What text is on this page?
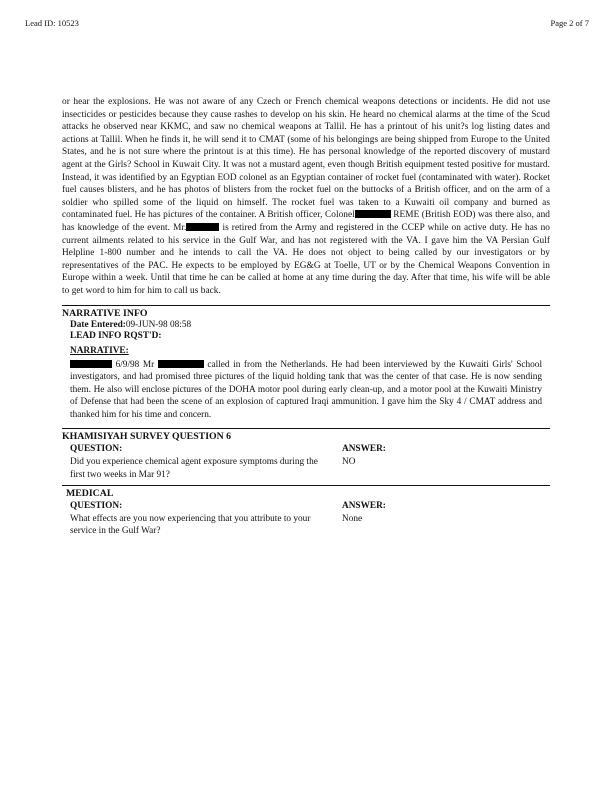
Lead ID: 10523	Page 2 of 7

or hear the explosions. He was not aware of any Czech or French chemical weapons detections or incidents. He did not use insecticides or pesticides because they cause rashes to develop on his skin. He heard no chemical alarms at the time of the Scud attacks he observed near KKMC, and saw no chemical weapons at Tallil. He has a printout of his unit?s log listing dates and actions at Tallil. When he finds it, he will send it to CMAT (some of his belongings are being shipped from Europe to the United States, and he is not sure where the printout is at this time). He has personal knowledge of the reported discovery of mustard agent at the Girls? School in Kuwait City. It was not a mustard agent, even though British equipment tested positive for mustard. Instead, it was identified by an Egyptian EOD colonel as an Egyptian container of rocket fuel (contaminated with water). Rocket fuel causes blisters, and he has photos of blisters from the rocket fuel on the buttocks of a British officer, and on the arm of a soldier who spilled some of the liquid on himself. The rocket fuel was taken to a Kuwaiti oil company and burned as contaminated fuel. He has pictures of the container. A British officer, Colonel	REME (British EOD) was there also, and has knowledge of the event. Mr.	is retired from the Army and registered in the CCEP while on active duty. He has no current ailments related to his service in the Gulf War, and has not registered with the VA. I gave him the VA Persian Gulf Helpline 1-800 number and he intends to call the VA. He does not object to being called by our investigators or by representatives of the PAC. He expects to be employed by EG&G at Toelle, UT or by the Chemical Weapons Convention in Europe within a week. Until that time he can be called at home at any time during the day. After that time, his wife will be able to get word to him for him to call us back.

NARRATIVE INFO
Date Entered:09-JUN-98 08:58
LEAD INFO RQST'D:
NARRATIVE:

6/9/98 Mr	called in from the Netherlands. He had been interviewed by the Kuwaiti Girls' School investigators, and had promised three pictures of the liquid holding tank that was the center of that case. He is now sending them. He also will enclose pictures of the DOHA motor pool during early clean-up, and a motor pool at the Kuwaiti Ministry of Defense that had been the scene of an explosion of captured Iraqi ammunition. I gave him the Sky 4 / CMAT address and thanked him for his time and concern.

KHAMISIYAH SURVEY QUESTION 6
QUESTION:	ANSWER:
Did you experience chemical agent exposure symptoms during the first two weeks in Mar 91?
NO
MEDICAL
QUESTION:	ANSWER:
What effects are you now experiencing that you attribute to your service in the Gulf War?
None
